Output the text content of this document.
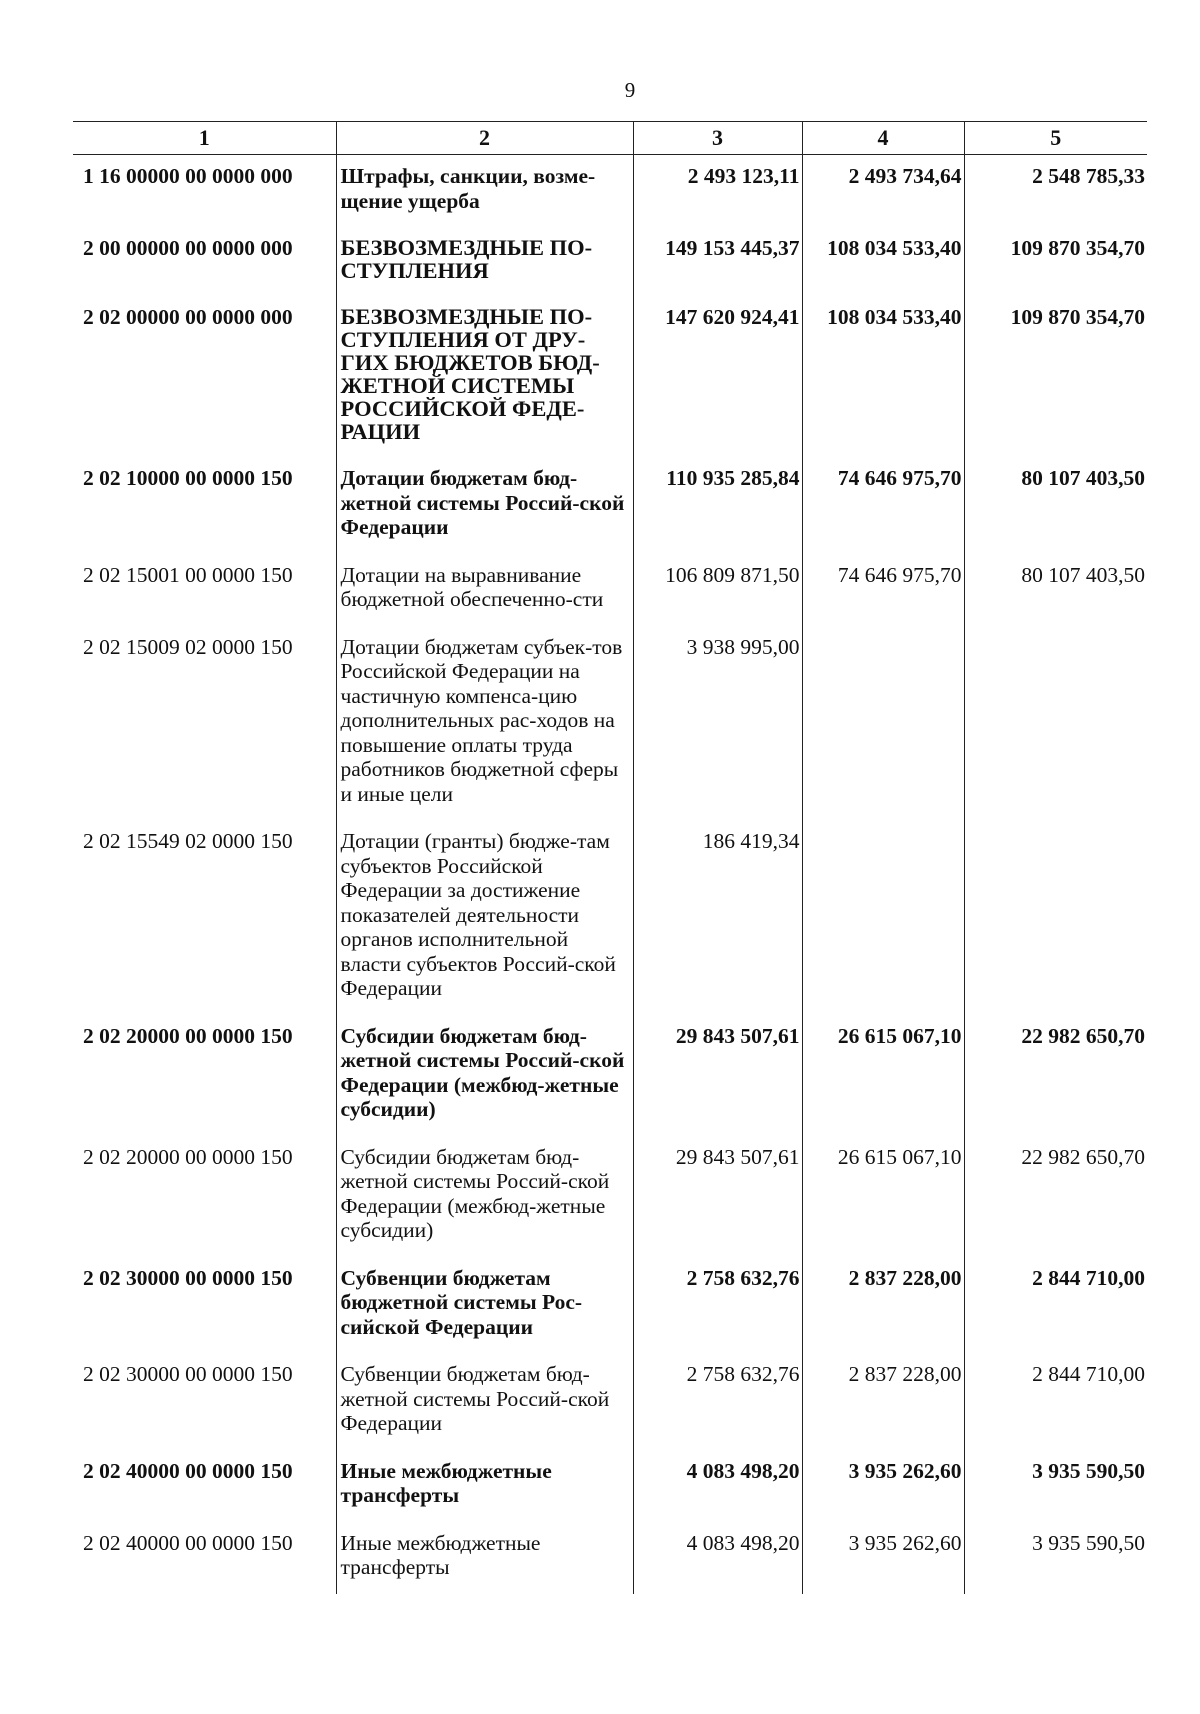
9
1	2	3	4	5
1 16 00000 00 0000 000	Штрафы, санкции, возме-щение ущерба	2 493 123,11	2 493 734,64	2 548 785,33
2 00 00000 00 0000 000	БЕЗВОЗМЕЗДНЫЕ ПО-СТУПЛЕНИЯ	149 153 445,37	108 034 533,40	109 870 354,70
2 02 00000 00 0000 000	БЕЗВОЗМЕЗДНЫЕ ПО-СТУПЛЕНИЯ ОТ ДРУ-ГИХ БЮДЖЕТОВ БЮД-ЖЕТНОЙ СИСТЕМЫ РОССИЙСКОЙ ФЕДЕ-РАЦИИ	147 620 924,41	108 034 533,40	109 870 354,70
2 02 10000 00 0000 150	Дотации бюджетам бюд-жетной системы Россий-ской Федерации	110 935 285,84	74 646 975,70	80 107 403,50
2 02 15001 00 0000 150	Дотации на выравнивание бюджетной обеспеченно-сти	106 809 871,50	74 646 975,70	80 107 403,50
2 02 15009 02 0000 150	Дотации бюджетам субъек-тов Российской Федерации на частичную компенса-цию дополнительных рас-ходов на повышение оплаты труда работников бюджетной сферы и иные цели	3 938 995,00		
2 02 15549 02 0000 150	Дотации (гранты) бюдже-там субъектов Российской Федерации за достижение показателей деятельности органов исполнительной власти субъектов Россий-ской Федерации	186 419,34		
2 02 20000 00 0000 150	Субсидии бюджетам бюд-жетной системы Россий-ской Федерации (межбюд-жетные субсидии)	29 843 507,61	26 615 067,10	22 982 650,70
2 02 20000 00 0000 150	Субсидии бюджетам бюд-жетной системы Россий-ской Федерации (межбюд-жетные субсидии)	29 843 507,61	26 615 067,10	22 982 650,70
2 02 30000 00 0000 150	Субвенции бюджетам бюджетной системы Рос-сийской Федерации	2 758 632,76	2 837 228,00	2 844 710,00
2 02 30000 00 0000 150	Субвенции бюджетам бюд-жетной системы Россий-ской Федерации	2 758 632,76	2 837 228,00	2 844 710,00
2 02 40000 00 0000 150	Иные межбюджетные трансферты	4 083 498,20	3 935 262,60	3 935 590,50
2 02 40000 00 0000 150	Иные межбюджетные трансферты	4 083 498,20	3 935 262,60	3 935 590,50
